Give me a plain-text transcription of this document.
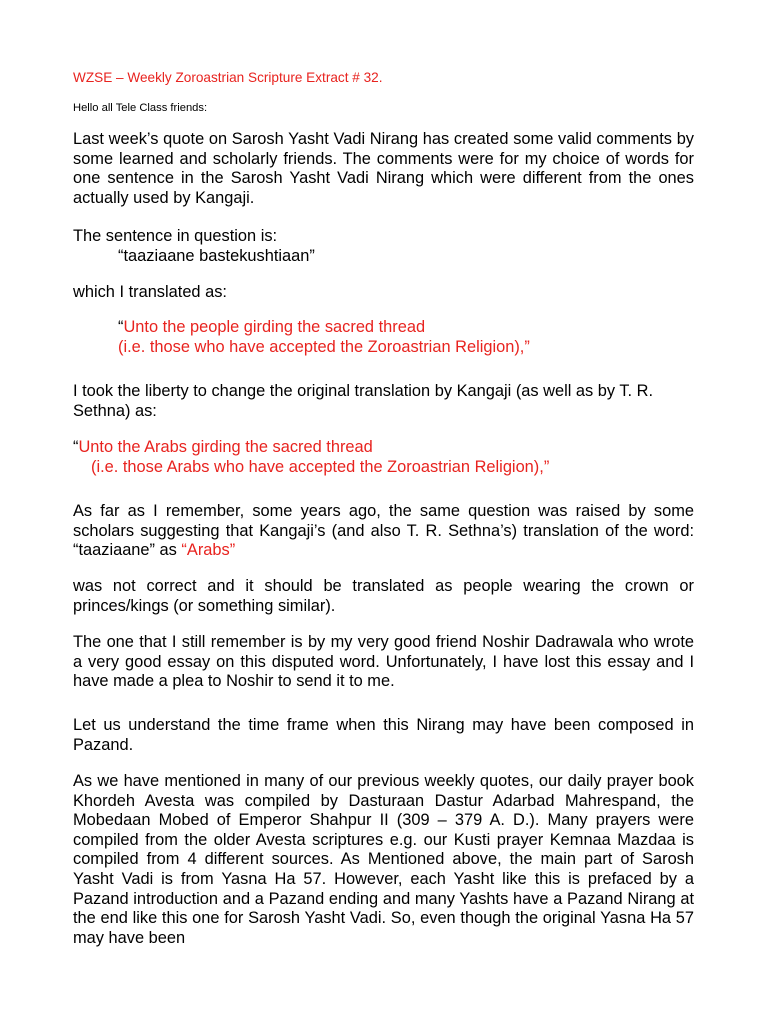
WZSE – Weekly Zoroastrian Scripture Extract # 32.
Hello all Tele Class friends:
Last week’s quote on Sarosh Yasht Vadi Nirang has created some valid comments by some learned and scholarly friends. The comments were for my choice of words for one sentence in the Sarosh Yasht Vadi Nirang which were different from the ones actually used by Kangaji.
The sentence in question is:
“taaziaane bastekushtiaan”
which I translated as:
“Unto the people girding the sacred thread
(i.e. those who have accepted the Zoroastrian Religion),”
I took the liberty to change the original translation by Kangaji (as well as by T. R. Sethna) as:
“Unto the Arabs girding the sacred thread
(i.e. those Arabs who have accepted the Zoroastrian Religion),”
As far as I remember, some years ago, the same question was raised by some scholars suggesting that Kangaji’s (and also T. R. Sethna’s) translation of the word: “taaziaane” as “Arabs”
was not correct and it should be translated as people wearing the crown or princes/kings (or something similar).
The one that I still remember is by my very good friend Noshir Dadrawala who wrote a very good essay on this disputed word. Unfortunately, I have lost this essay and I have made a plea to Noshir to send it to me.
Let us understand the time frame when this Nirang may have been composed in Pazand.
As we have mentioned in many of our previous weekly quotes, our daily prayer book Khordeh Avesta was compiled by Dasturaan Dastur Adarbad Mahrespand, the Mobedaan Mobed of Emperor Shahpur II (309 – 379 A. D.). Many prayers were compiled from the older Avesta scriptures e.g. our Kusti prayer Kemnaa Mazdaa is compiled from 4 different sources. As Mentioned above, the main part of Sarosh Yasht Vadi is from Yasna Ha 57. However, each Yasht like this is prefaced by a Pazand introduction and a Pazand ending and many Yashts have a Pazand Nirang at the end like this one for Sarosh Yasht Vadi. So, even though the original Yasna Ha 57 may have been
